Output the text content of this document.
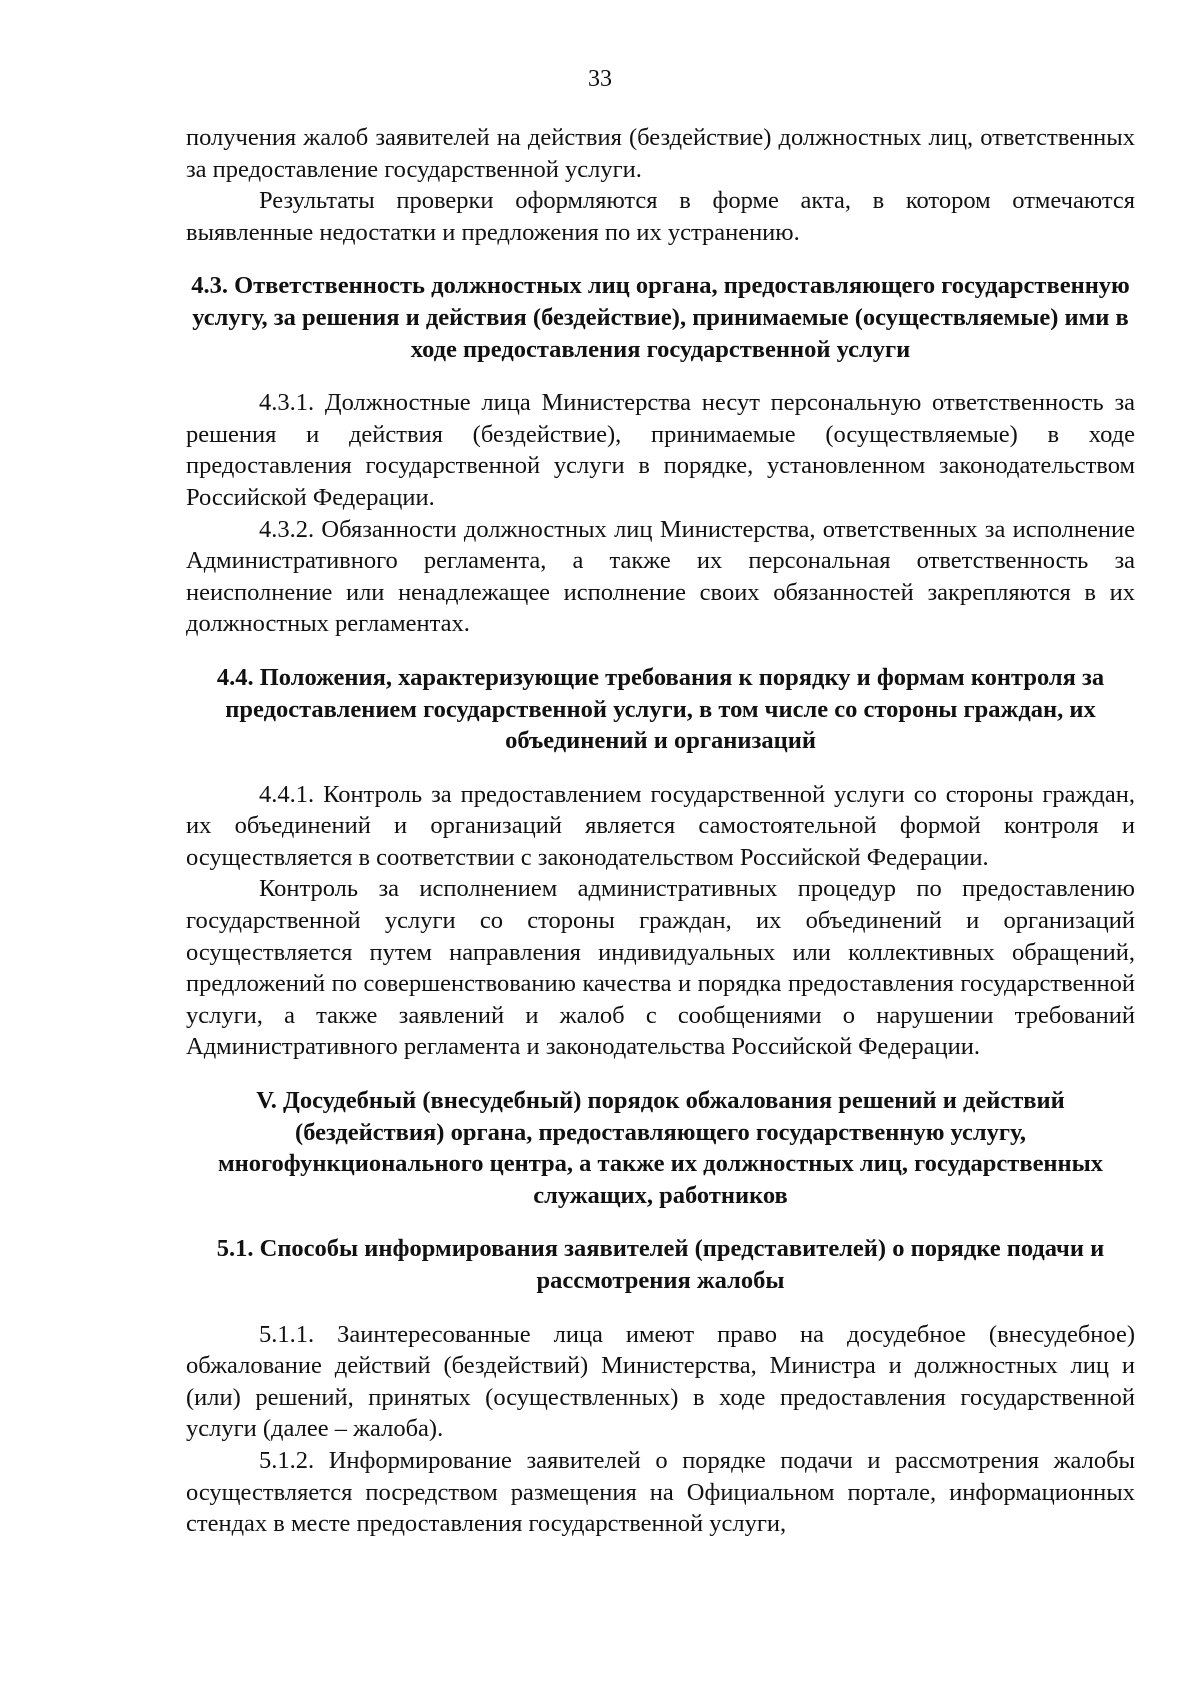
33

получения жалоб заявителей на действия (бездействие) должностных лиц, ответственных за предоставление государственной услуги.

Результаты проверки оформляются в форме акта, в котором отмечаются выявленные недостатки и предложения по их устранению.

4.3. Ответственность должностных лиц органа, предоставляющего государственную услугу, за решения и действия (бездействие), принимаемые (осуществляемые) ими в ходе предоставления государственной услуги

4.3.1. Должностные лица Министерства несут персональную ответственность за решения и действия (бездействие), принимаемые (осуществляемые) в ходе предоставления государственной услуги в порядке, установленном законодательством Российской Федерации.

4.3.2. Обязанности должностных лиц Министерства, ответственных за исполнение Административного регламента, а также их персональная ответственность за неисполнение или ненадлежащее исполнение своих обязанностей закрепляются в их должностных регламентах.

4.4. Положения, характеризующие требования к порядку и формам контроля за предоставлением государственной услуги, в том числе со стороны граждан, их объединений и организаций

4.4.1. Контроль за предоставлением государственной услуги со стороны граждан, их объединений и организаций является самостоятельной формой контроля и осуществляется в соответствии с законодательством Российской Федерации.

Контроль за исполнением административных процедур по предоставлению государственной услуги со стороны граждан, их объединений и организаций осуществляется путем направления индивидуальных или коллективных обращений, предложений по совершенствованию качества и порядка предоставления государственной услуги, а также заявлений и жалоб с сообщениями о нарушении требований Административного регламента и законодательства Российской Федерации.

V. Досудебный (внесудебный) порядок обжалования решений и действий (бездействия) органа, предоставляющего государственную услугу, многофункционального центра, а также их должностных лиц, государственных служащих, работников

5.1. Способы информирования заявителей (представителей) о порядке подачи и рассмотрения жалобы

5.1.1. Заинтересованные лица имеют право на досудебное (внесудебное) обжалование действий (бездействий) Министерства, Министра и должностных лиц и (или) решений, принятых (осуществленных) в ходе предоставления государственной услуги (далее – жалоба).

5.1.2. Информирование заявителей о порядке подачи и рассмотрения жалобы осуществляется посредством размещения на Официальном портале, информационных стендах в месте предоставления государственной услуги,
